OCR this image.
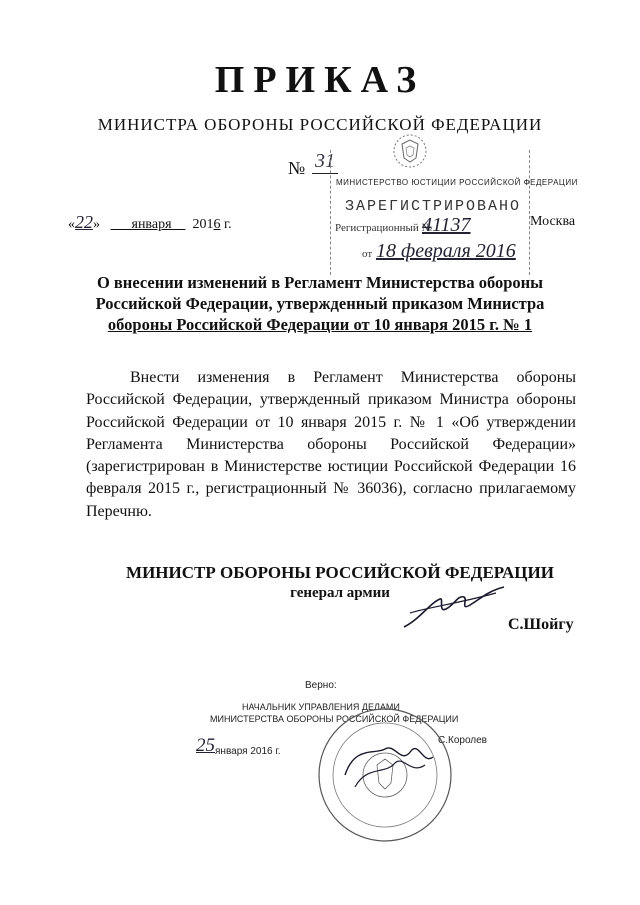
ПРИКАЗ
МИНИСТРА ОБОРОНЫ РОССИЙСКОЙ ФЕДЕРАЦИИ
№ 31
МИНИСТЕРСТВО ЮСТИЦИИ РОССИЙСКОЙ ФЕДЕРАЦИИ
ЗАРЕГИСТРИРОВАНО
Регистрационный №
41137
от 18 февраля 2016
«22» января 2016 г.	Москва
О внесении изменений в Регламент Министерства обороны
Российской Федерации, утвержденный приказом Министра
обороны Российской Федерации от 10 января 2015 г. № 1
Внести изменения в Регламент Министерства обороны Российской Федерации, утвержденный приказом Министра обороны Российской Федерации от 10 января 2015 г. № 1 «Об утверждении Регламента Министерства обороны Российской Федерации» (зарегистрирован в Министерстве юстиции Российской Федерации 16 февраля 2015 г., регистрационный № 36036), согласно прилагаемому Перечню.
МИНИСТР ОБОРОНЫ РОССИЙСКОЙ ФЕДЕРАЦИИ
генерал армии
С.Шойгу
Верно:
НАЧАЛЬНИК УПРАВЛЕНИЯ ДЕЛАМИ
МИНИСТЕРСТВА ОБОРОНЫ РОССИЙСКОЙ ФЕДЕРАЦИИ
25 января 2016 г.
С.Королев
